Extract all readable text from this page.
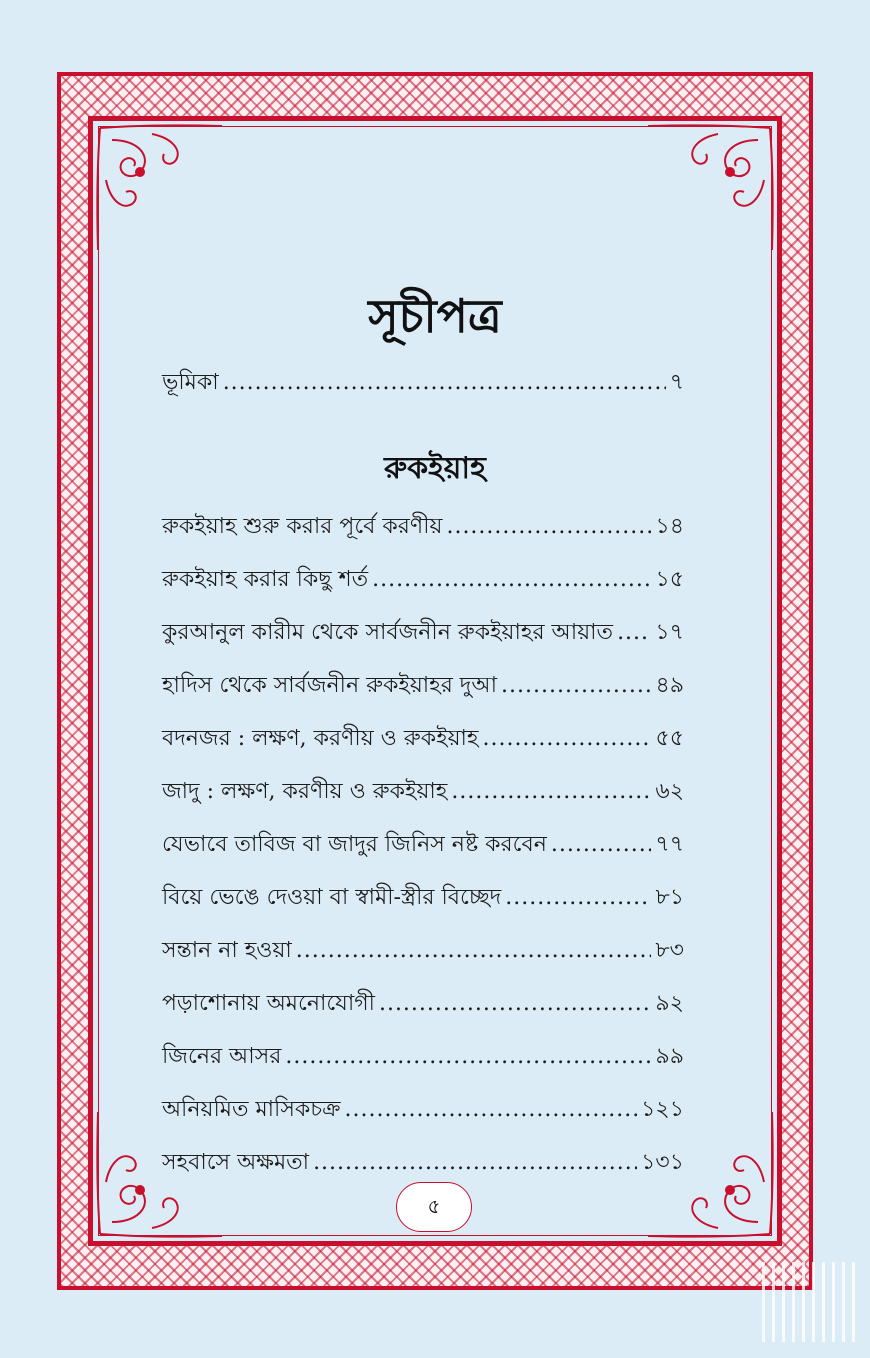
সূচীপত্র
ভূমিকা .....	৭
রুকইয়াহ
রুকইয়াহ শুরু করার পূর্বে করণীয় .....	১৪
রুকইয়াহ করার কিছু শর্ত .....	১৫
কুরআনুল কারীম থেকে সার্বজনীন রুকইয়াহর আয়াত ..... ১৭
হাদিস থেকে সার্বজনীন রুকইয়াহর দুআ .....	৪৯
বদনজর : লক্ষণ, করণীয় ও রুকইয়াহ .....	৫৫
জাদু : লক্ষণ, করণীয় ও রুকইয়াহ .....	৬২
যেভাবে তাবিজ বা জাদুর জিনিস নষ্ট করবেন .....	৭৭
বিয়ে ভেঙে দেওয়া বা স্বামী-স্ত্রীর বিচ্ছেদ .....	৮১
সন্তান না হওয়া .....	৮৩
পড়াশোনায় অমনোযোগী .....	৯২
জিনের আসর .....	৯৯
অনিয়মিত মাসিকচক্র .....	১২১
সহবাসে অক্ষমতা .....	১৩১
৫
